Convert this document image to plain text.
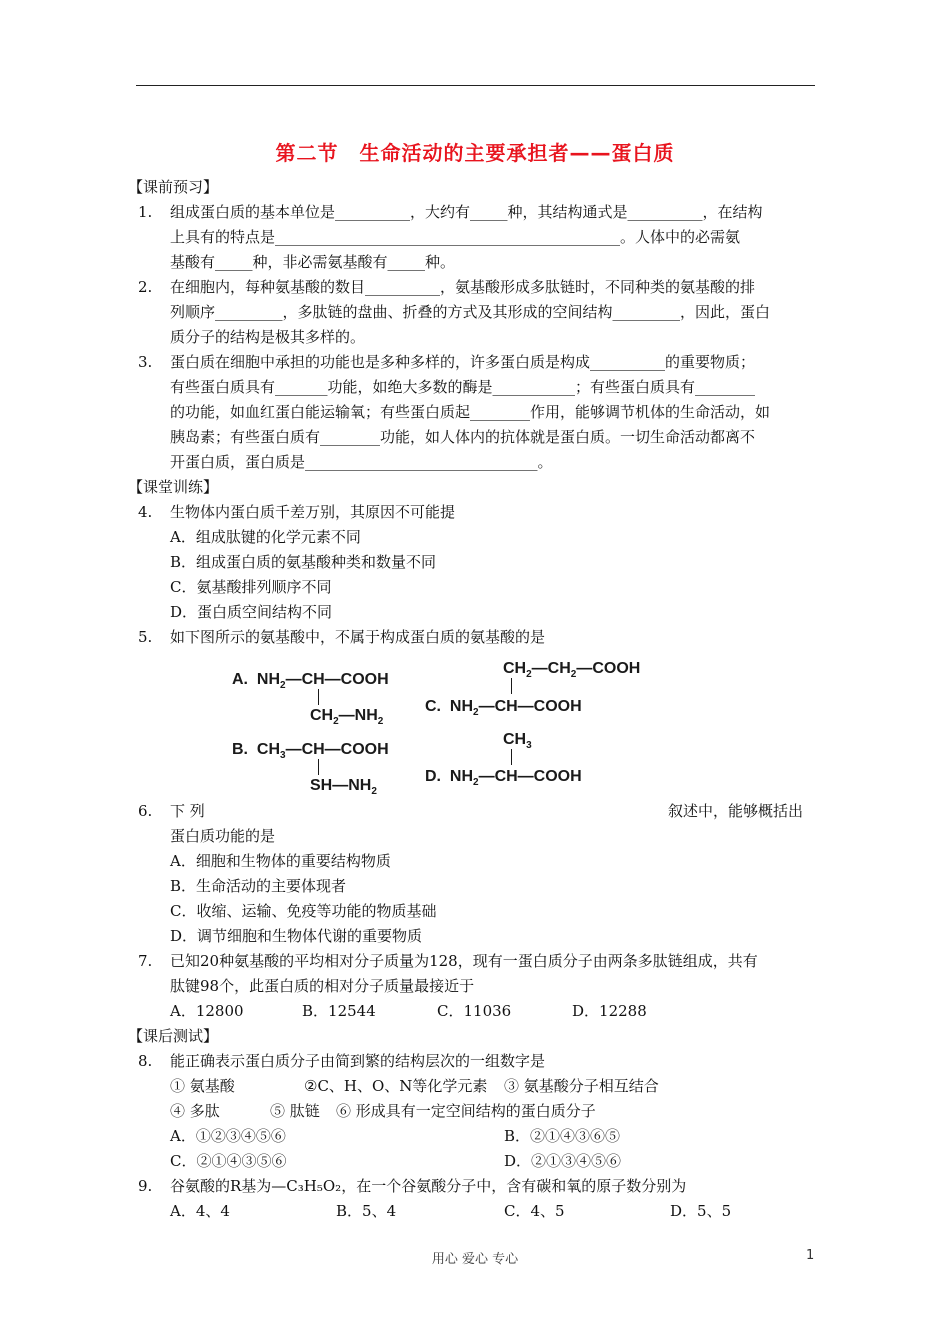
第二节　生命活动的主要承担者——蛋白质
【课前预习】
1. 组成蛋白质的基本单位是__________，大约有_____种，其结构通式是__________，在结构
上具有的特点是______________________________________________。人体中的必需氨
基酸有_____种，非必需氨基酸有_____种。
2. 在细胞内，每种氨基酸的数目__________，氨基酸形成多肽链时，不同种类的氨基酸的排
列顺序_________，多肽链的盘曲、折叠的方式及其形成的空间结构_________，因此，蛋白
质分子的结构是极其多样的。
3. 蛋白质在细胞中承担的功能也是多种多样的，许多蛋白质是构成__________的重要物质；
有些蛋白质具有_______功能，如绝大多数的酶是___________；有些蛋白质具有________
的功能，如血红蛋白能运输氧；有些蛋白质起________作用，能够调节机体的生命活动，如
胰岛素；有些蛋白质有________功能，如人体内的抗体就是蛋白质。一切生命活动都离不
开蛋白质，蛋白质是_______________________________。
【课堂训练】
4. 生物体内蛋白质千差万别，其原因不可能提
A．组成肽键的化学元素不同
B．组成蛋白质的氨基酸种类和数量不同
C．氨基酸排列顺序不同
D．蛋白质空间结构不同
5. 如下图所示的氨基酸中，不属于构成蛋白质的氨基酸的是
A. $NH_2—CH—COOH$
$CH_2—NH_2$
B. $CH_3—CH—COOH$
$SH—NH_2$
$CH_2—CH_2—COOH$
C. $NH_2—CH—COOH$
$CH_3$
D. $NH_2—CH—COOH$
6. 下 列	叙述中，能够概括出
蛋白质功能的是
A．细胞和生物体的重要结构物质
B．生命活动的主要体现者
C．收缩、运输、免疫等功能的物质基础
D．调节细胞和生物体代谢的重要物质
7. 已知20种氨基酸的平均相对分子质量为128，现有一蛋白质分子由两条多肽链组成，共有
肽键98个，此蛋白质的相对分子质量最接近于
A．12800	B．12544	C．11036	D．12288
【课后测试】
8. 能正确表示蛋白质分子由简到繁的结构层次的一组数字是
① 氨基酸	②C、H、O、N等化学元素 ③ 氨基酸分子相互结合
④ 多肽	⑤ 肽链 ⑥ 形成具有一定空间结构的蛋白质分子
A．①②③④⑤⑥	B．②①④③⑥⑤
C．②①④③⑤⑥	D．②①③④⑤⑥
9. 谷氨酸的R基为—C₃H₅O₂，在一个谷氨酸分子中，含有碳和氧的原子数分别为
A．4、4	B．5、4	C．4、5	D．5、5
用心 爱心 专心	1
